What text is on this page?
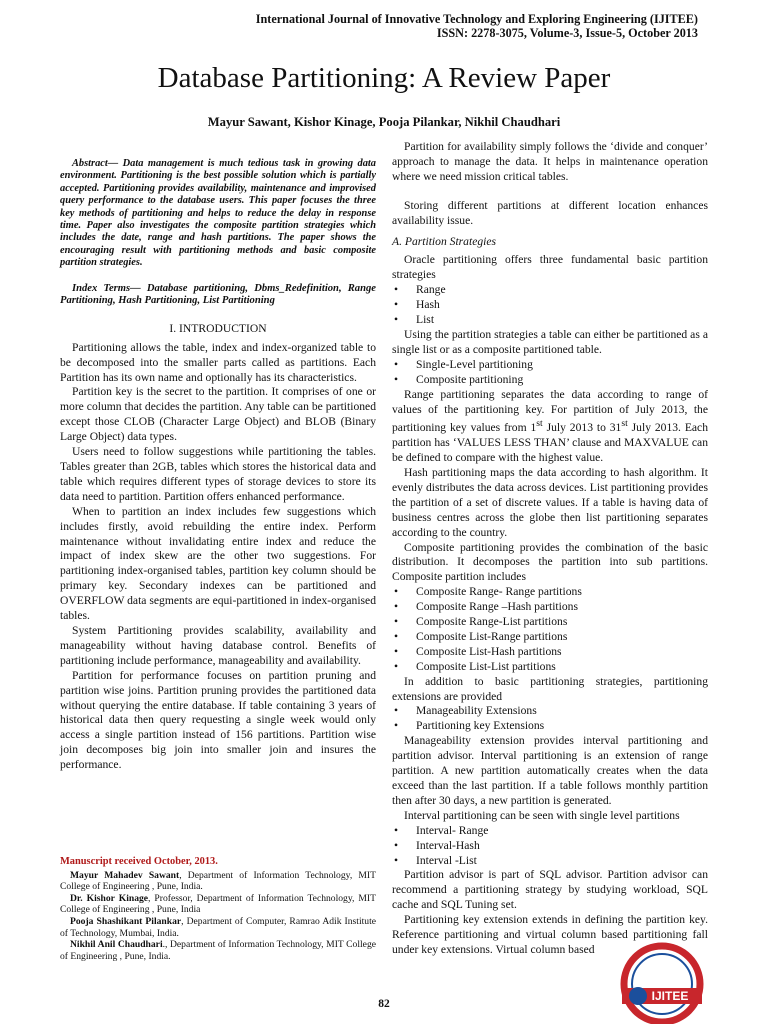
International Journal of Innovative Technology and Exploring Engineering (IJITEE)
ISSN: 2278-3075, Volume-3, Issue-5, October 2013
Database Partitioning: A Review Paper
Mayur Sawant, Kishor Kinage, Pooja Pilankar, Nikhil Chaudhari

Abstract— Data management is much tedious task in growing data environment. Partitioning is the best possible solution which is partially accepted. Partitioning provides availability, maintenance and improvised query performance to the database users. This paper focuses the three key methods of partitioning and helps to reduce the delay in response time. Paper also investigates the composite partition strategies which includes the date, range and hash partitions. The paper shows the encouraging result with partitioning methods and basic composite partition strategies.

Index Terms— Database partitioning, Dbms_Redefinition, Range Partitioning, Hash Partitioning, List Partitioning

I. INTRODUCTION

Partitioning allows the table, index and index-organized table to be decomposed into the smaller parts called as partitions. Each Partition has its own name and optionally has its characteristics.

Partition key is the secret to the partition. It comprises of one or more column that decides the partition. Any table can be partitioned except those CLOB (Character Large Object) and BLOB (Binary Large Object) data types.

Users need to follow suggestions while partitioning the tables. Tables greater than 2GB, tables which stores the historical data and table which requires different types of storage devices to store its data need to partition. Partition offers enhanced performance.

When to partition an index includes few suggestions which includes firstly, avoid rebuilding the entire index. Perform maintenance without invalidating entire index and reduce the impact of index skew are the other two suggestions. For partitioning index-organised tables, partition key column should be primary key. Secondary indexes can be partitioned and OVERFLOW data segments are equi-partitioned in index-organised tables.

System Partitioning provides scalability, availability and manageability without having database control. Benefits of partitioning include performance, manageability and availability.

Partition for performance focuses on partition pruning and partition wise joins. Partition pruning provides the partitioned data without querying the entire database. If table containing 3 years of historical data then query requesting a single week would only access a single partition instead of 156 partitions. Partition wise join decomposes big join into smaller join and insures the performance.

Manuscript received October, 2013.

Mayur Mahadev Sawant, Department of Information Technology, MIT College of Engineering , Pune, India.

Dr. Kishor Kinage, Professor, Department of Information Technology, MIT College of Engineering , Pune, India

Pooja Shashikant Pilankar, Department of Computer, Ramrao Adik Institute of Technology, Mumbai, India.

Nikhil Anil Chaudhari., Department of Information Technology, MIT College of Engineering , Pune, India.

Partition for availability simply follows the ‘divide and conquer’ approach to manage the data. It helps in maintenance operation where we need mission critical tables.

Storing different partitions at different location enhances availability issue.

A. Partition Strategies

Oracle partitioning offers three fundamental basic partition strategies

• Range
• Hash
• List

Using the partition strategies a table can either be partitioned as a single list or as a composite partitioned table.

• Single-Level partitioning
• Composite partitioning

Range partitioning separates the data according to range of values of the partitioning key. For partition of July 2013, the partitioning key values from 1st July 2013 to 31st July 2013. Each partition has ‘VALUES LESS THAN’ clause and MAXVALUE can be defined to compare with the highest value.

Hash partitioning maps the data according to hash algorithm. It evenly distributes the data across devices. List partitioning provides the partition of a set of discrete values. If a table is having data of business centres across the globe then list partitioning separates according to the country.

Composite partitioning provides the combination of the basic distribution. It decomposes the partition into sub partitions. Composite partition includes

• Composite Range- Range partitions
• Composite Range –Hash partitions
• Composite Range-List partitions
• Composite List-Range partitions
• Composite List-Hash partitions
• Composite List-List partitions

In addition to basic partitioning strategies, partitioning extensions are provided

• Manageability Extensions
• Partitioning key Extensions

Manageability extension provides interval partitioning and partition advisor. Interval partitioning is an extension of range partition. A new partition automatically creates when the data exceed than the last partition. If a table follows monthly partition then after 30 days, a new partition is generated.

Interval partitioning can be seen with single level partitions

• Interval- Range
• Interval-Hash
• Interval -List

Partition advisor is part of SQL advisor. Partition advisor can recommend a partitioning strategy by studying workload, SQL cache and SQL Tuning set.

Partitioning key extension extends in defining the partition key. Reference partitioning and virtual column based partitioning fall under key extensions. Virtual column based

82
IJITEE
